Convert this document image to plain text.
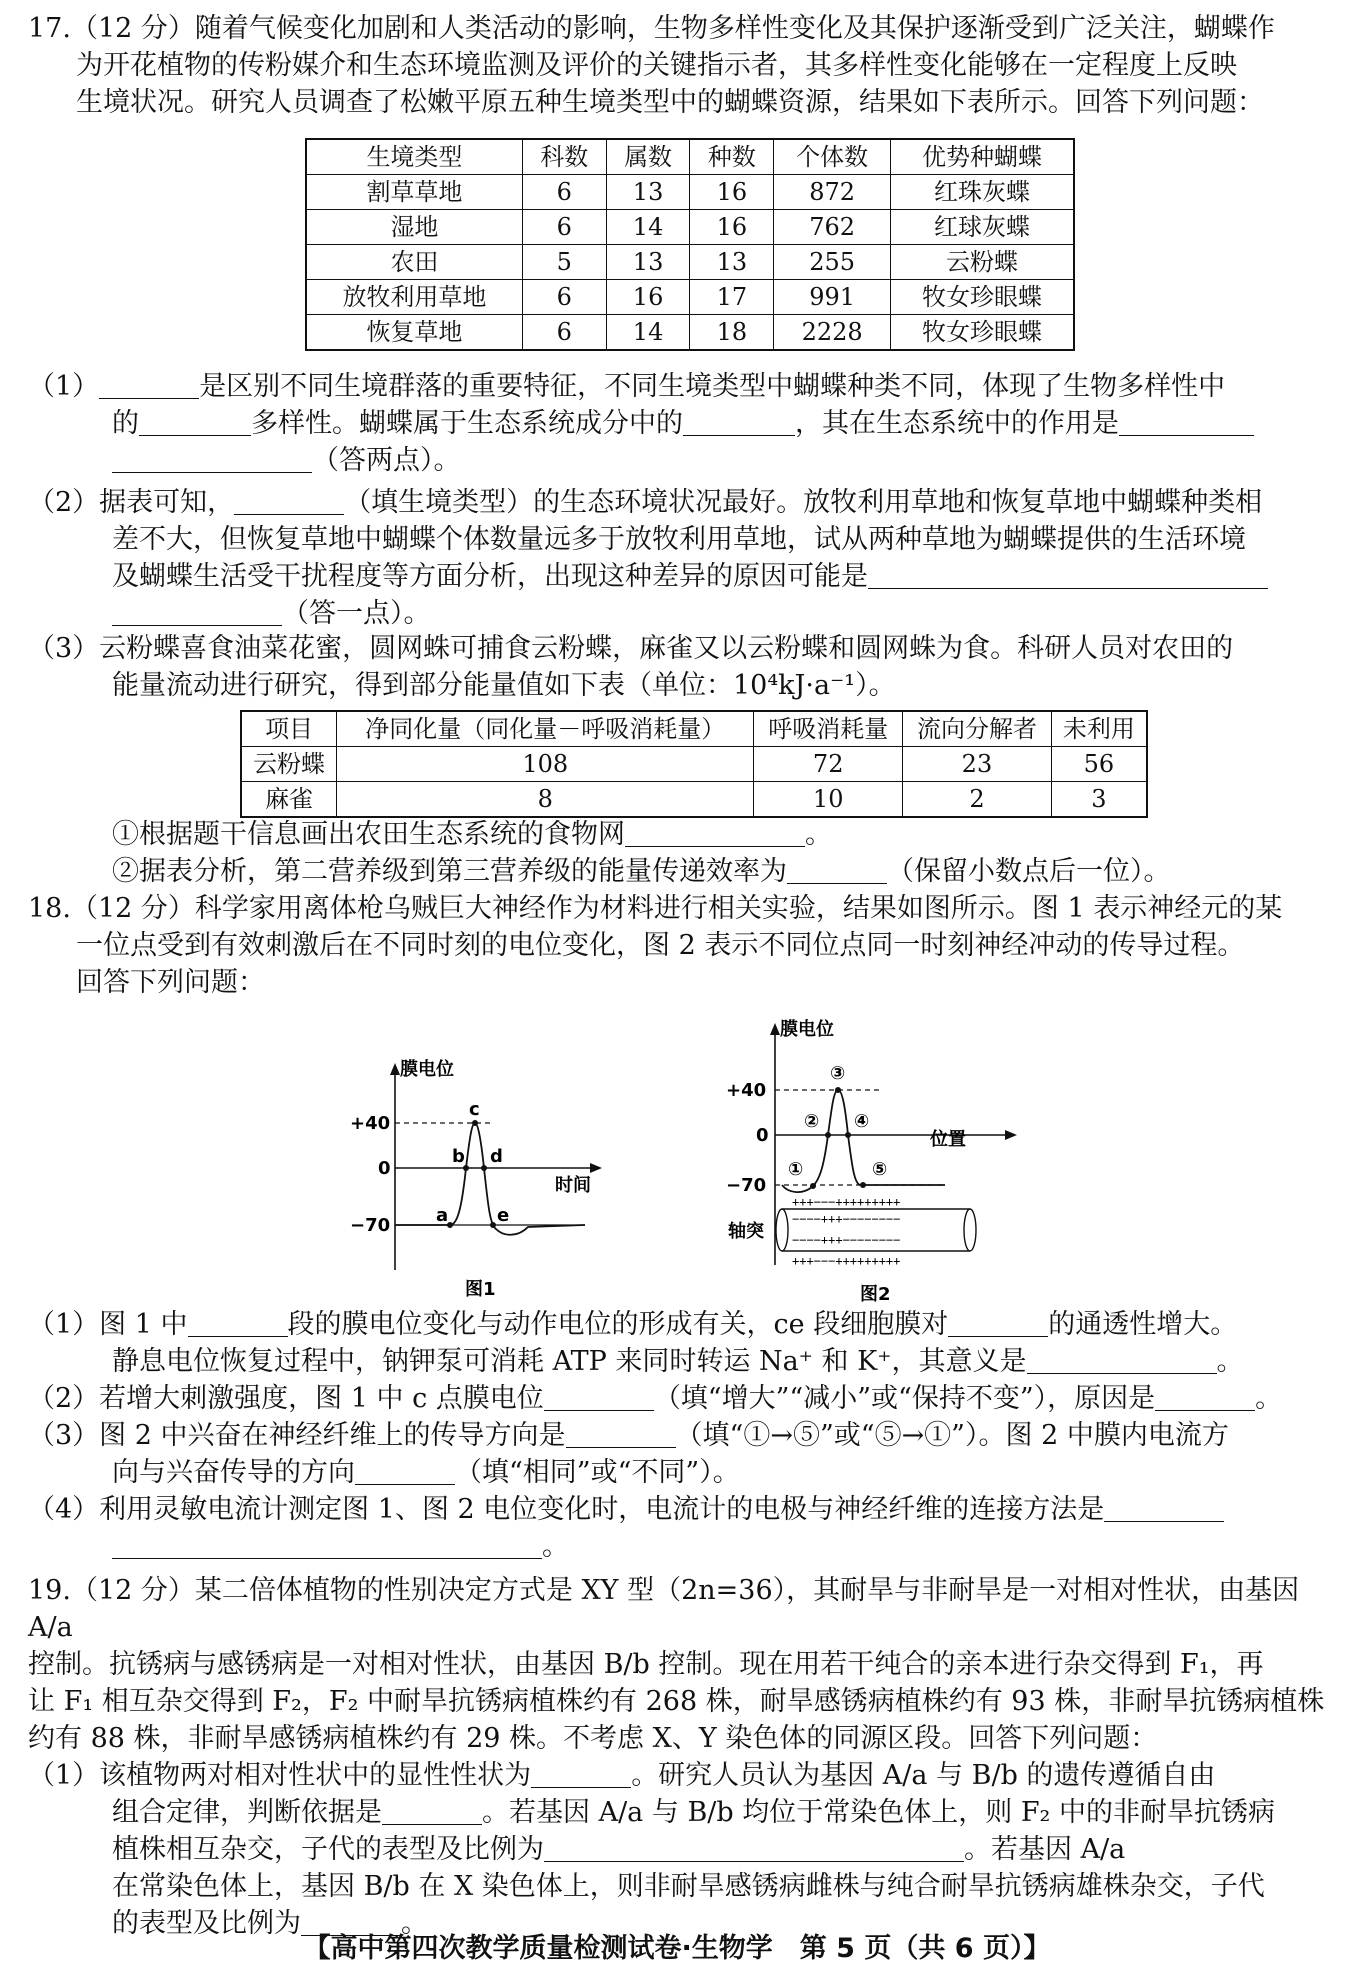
17.（12 分）随着气候变化加剧和人类活动的影响，生物多样性变化及其保护逐渐受到广泛关注，蝴蝶作

为开花植物的传粉媒介和生态环境监测及评价的关键指示者，其多样性变化能够在一定程度上反映

生境状况。研究人员调查了松嫩平原五种生境类型中的蝴蝶资源，结果如下表所示。回答下列问题：

生境类型	科数	属数	种数	个体数	优势种蝴蝶
割草草地	6	13	16	872	红珠灰蝶
湿地	6	14	16	762	红球灰蝶
农田	5	13	13	255	云粉蝶
放牧利用草地	6	16	17	991	牧女珍眼蝶
恢复草地	6	14	18	2228	牧女珍眼蝶

（1）	是区别不同生境群落的重要特征，不同生境类型中蝴蝶种类不同，体现了生物多样性中

的	多样性。蝴蝶属于生态系统成分中的	，其在生态系统中的作用是

（答两点）。

（2）据表可知，	（填生境类型）的生态环境状况最好。放牧利用草地和恢复草地中蝴蝶种类相

差不大，但恢复草地中蝴蝶个体数量远多于放牧利用草地，试从两种草地为蝴蝶提供的生活环境

及蝴蝶生活受干扰程度等方面分析，出现这种差异的原因可能是

（答一点）。

（3）云粉蝶喜食油菜花蜜，圆网蛛可捕食云粉蝶，麻雀又以云粉蝶和圆网蛛为食。科研人员对农田的

能量流动进行研究，得到部分能量值如下表（单位：10⁴kJ·a⁻¹）。

项目	净同化量（同化量－呼吸消耗量）	呼吸消耗量	流向分解者	未利用
云粉蝶	108	72	23	56
麻雀	8	10	2	3

①根据题干信息画出农田生态系统的食物网	。

②据表分析，第二营养级到第三营养级的能量传递效率为	（保留小数点后一位）。

18.（12 分）科学家用离体枪乌贼巨大神经作为材料进行相关实验，结果如图所示。图 1 表示神经元的某

一位点受到有效刺激后在不同时刻的电位变化，图 2 表示不同位点同一时刻神经冲动的传导过程。

回答下列问题：

膜电位
时间
+40
0
−70	a
b
c
d
e
图1
膜电位
位置
+40
0
−70
①
②
③
④
⑤
+++−−−+++++++++
−−−−+++−−−−−−−−
−−−−+++−−−−−−−−
+++−−−+++++++++
轴突
图2

（1）图 1 中	段的膜电位变化与动作电位的形成有关，ce 段细胞膜对	的通透性增大。

静息电位恢复过程中，钠钾泵可消耗 ATP 来同时转运 Na⁺ 和 K⁺，其意义是	。

（2）若增大刺激强度，图 1 中 c 点膜电位	（填“增大”“减小”或“保持不变”），原因是	。

（3）图 2 中兴奋在神经纤维上的传导方向是	（填“①→⑤”或“⑤→①”）。图 2 中膜内电流方

向与兴奋传导的方向	（填“相同”或“不同”）。

（4）利用灵敏电流计测定图 1、图 2 电位变化时，电流计的电极与神经纤维的连接方法是

。

19.（12 分）某二倍体植物的性别决定方式是 XY 型（2n=36），其耐旱与非耐旱是一对相对性状，由基因 A/a

控制。抗锈病与感锈病是一对相对性状，由基因 B/b 控制。现在用若干纯合的亲本进行杂交得到 F₁，再

让 F₁ 相互杂交得到 F₂，F₂ 中耐旱抗锈病植株约有 268 株，耐旱感锈病植株约有 93 株，非耐旱抗锈病植株

约有 88 株，非耐旱感锈病植株约有 29 株。不考虑 X、Y 染色体的同源区段。回答下列问题：

（1）该植物两对相对性状中的显性性状为	。研究人员认为基因 A/a 与 B/b 的遗传遵循自由

组合定律，判断依据是	。若基因 A/a 与 B/b 均位于常染色体上，则 F₂ 中的非耐旱抗锈病

植株相互杂交，子代的表型及比例为	。若基因 A/a

在常染色体上，基因 B/b 在 X 染色体上，则非耐旱感锈病雌株与纯合耐旱抗锈病雄株杂交，子代

的表型及比例为	。

【高中第四次教学质量检测试卷·生物学　第 5 页（共 6 页）】
